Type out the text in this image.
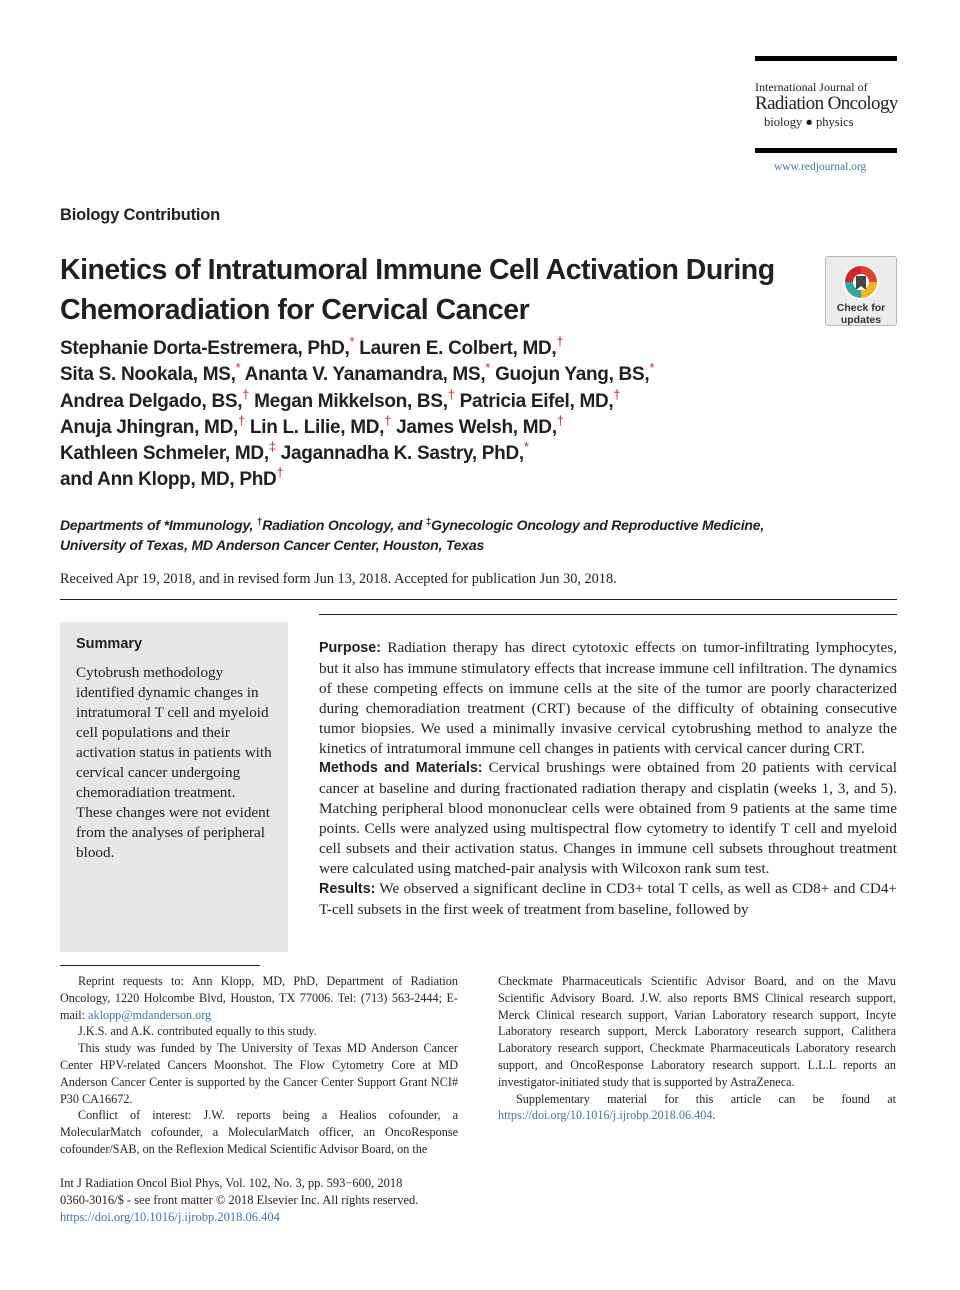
International Journal of
Radiation Oncology
biology ● physics
www.redjournal.org
Biology Contribution
Kinetics of Intratumoral Immune Cell Activation During Chemoradiation for Cervical Cancer	Check for
updates
Stephanie Dorta-Estremera, PhD,* Lauren E. Colbert, MD,†
Sita S. Nookala, MS,* Ananta V. Yanamandra, MS,* Guojun Yang, BS,*
Andrea Delgado, BS,† Megan Mikkelson, BS,† Patricia Eifel, MD,†
Anuja Jhingran, MD,† Lin L. Lilie, MD,† James Welsh, MD,†
Kathleen Schmeler, MD,‡ Jagannadha K. Sastry, PhD,*
and Ann Klopp, MD, PhD†
Departments of *Immunology, †Radiation Oncology, and ‡Gynecologic Oncology and Reproductive Medicine, University of Texas, MD Anderson Cancer Center, Houston, Texas
Received Apr 19, 2018, and in revised form Jun 13, 2018. Accepted for publication Jun 30, 2018.
Summary
Cytobrush methodology identified dynamic changes in intratumoral T cell and myeloid cell populations and their activation status in patients with cervical cancer undergoing chemoradiation treatment. These changes were not evident from the analyses of peripheral blood.

Purpose: Radiation therapy has direct cytotoxic effects on tumor-infiltrating lymphocytes, but it also has immune stimulatory effects that increase immune cell infiltration. The dynamics of these competing effects on immune cells at the site of the tumor are poorly characterized during chemoradiation treatment (CRT) because of the difficulty of obtaining consecutive tumor biopsies. We used a minimally invasive cervical cytobrushing method to analyze the kinetics of intratumoral immune cell changes in patients with cervical cancer during CRT.

Methods and Materials: Cervical brushings were obtained from 20 patients with cervical cancer at baseline and during fractionated radiation therapy and cisplatin (weeks 1, 3, and 5). Matching peripheral blood mononuclear cells were obtained from 9 patients at the same time points. Cells were analyzed using multispectral flow cytometry to identify T cell and myeloid cell subsets and their activation status. Changes in immune cell subsets throughout treatment were calculated using matched-pair analysis with Wilcoxon rank sum test.

Results: We observed a significant decline in CD3+ total T cells, as well as CD8+ and CD4+ T-cell subsets in the first week of treatment from baseline, followed by

Reprint requests to: Ann Klopp, MD, PhD, Department of Radiation Oncology, 1220 Holcombe Blvd, Houston, TX 77006. Tel: (713) 563-2444; E-mail: aklopp@mdanderson.org

J.K.S. and A.K. contributed equally to this study.

This study was funded by The University of Texas MD Anderson Cancer Center HPV-related Cancers Moonshot. The Flow Cytometry Core at MD Anderson Cancer Center is supported by the Cancer Center Support Grant NCI# P30 CA16672.

Conflict of interest: J.W. reports being a Healios cofounder, a MolecularMatch cofounder, a MolecularMatch officer, an OncoResponse cofounder/SAB, on the Reflexion Medical Scientific Advisor Board, on the

Checkmate Pharmaceuticals Scientific Advisor Board, and on the Mavu Scientific Advisory Board. J.W. also reports BMS Clinical research support, Merck Clinical research support, Varian Laboratory research support, Incyte Laboratory research support, Merck Laboratory research support, Calithera Laboratory research support, Checkmate Pharmaceuticals Laboratory research support, and OncoResponse Laboratory research support. L.L.L reports an investigator-initiated study that is supported by AstraZeneca.

Supplementary material for this article can be found at https://doi.org/10.1016/j.ijrobp.2018.06.404.

Int J Radiation Oncol Biol Phys, Vol. 102, No. 3, pp. 593−600, 2018
0360-3016/$ - see front matter © 2018 Elsevier Inc. All rights reserved.
https://doi.org/10.1016/j.ijrobp.2018.06.404
